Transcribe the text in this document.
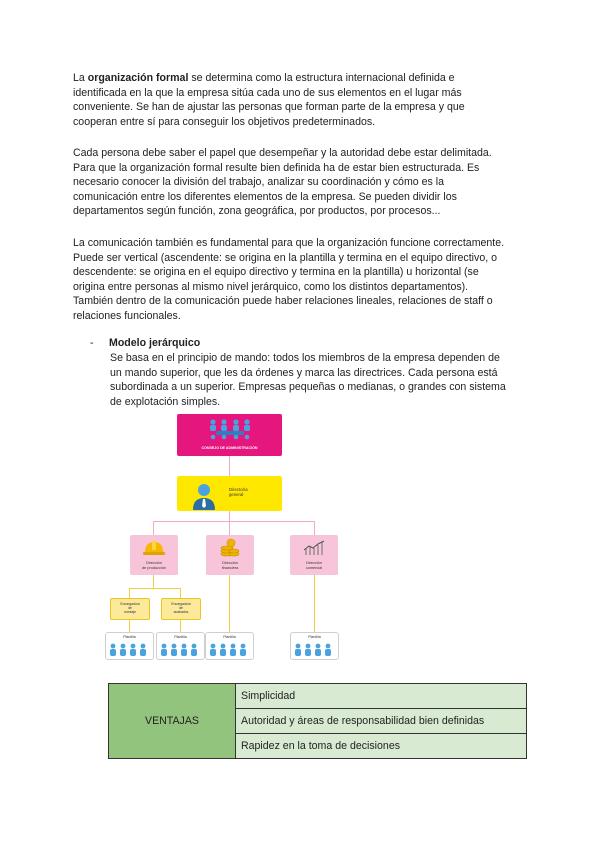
La organización formal se determina como la estructura internacional definida e
identificada en la que la empresa sitúa cada uno de sus elementos en el lugar más
conveniente. Se han de ajustar las personas que forman parte de la empresa y que
cooperan entre sí para conseguir los objetivos predeterminados.
Cada persona debe saber el papel que desempeñar y la autoridad debe estar delimitada.
Para que la organización formal resulte bien definida ha de estar bien estructurada. Es
necesario conocer la división del trabajo, analizar su coordinación y cómo es la
comunicación entre los diferentes elementos de la empresa. Se pueden dividir los
departamentos según función, zona geográfica, por productos, por procesos...
La comunicación también es fundamental para que la organización funcione correctamente.
Puede ser vertical (ascendente: se origina en la plantilla y termina en el equipo directivo, o
descendente: se origina en el equipo directivo y termina en la plantilla) u horizontal (se
origina entre personas al mismo nivel jerárquico, como los distintos departamentos).
También dentro de la comunicación puede haber relaciones lineales, relaciones de staff o
relaciones funcionales.
- Modelo jerárquico
Se basa en el principio de mando: todos los miembros de la empresa dependen de
un mando superior, que les da órdenes y marca las directrices. Cada persona está
subordinada a un superior. Empresas pequeñas o medianas, o grandes con sistema
de explotación simples.
CONSEJO DE ADMINISTRACIÓN
Director/a
general
Dirección
de producción
Dirección
financiera
Dirección
comercial
Encargado/a
de
montaje
Encargado/a
de
acabados
Plantilla	Plantilla	Plantilla	Plantilla
VENTAJAS	Simplicidad
Autoridad y áreas de responsabilidad bien definidas
Rapidez en la toma de decisiones
